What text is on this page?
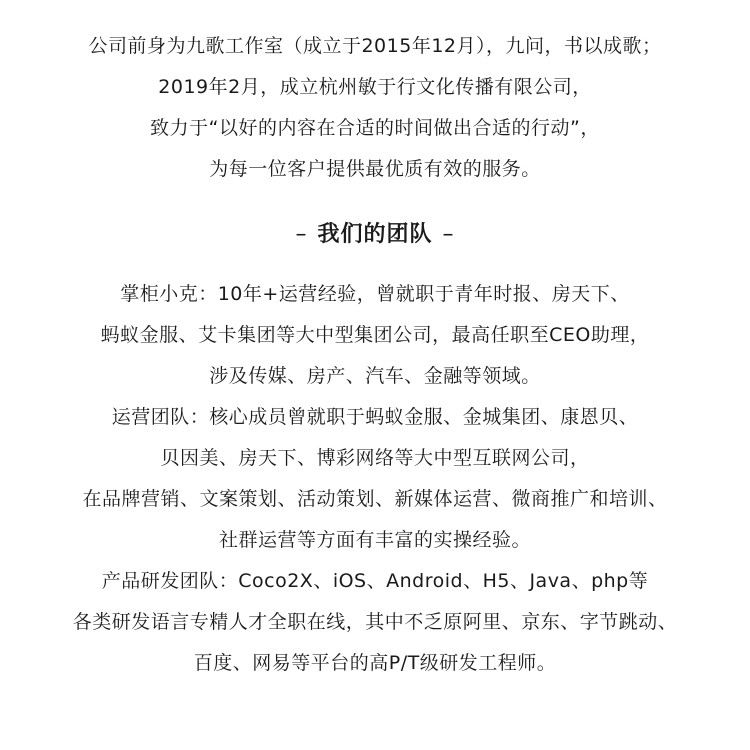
公司前身为九歌工作室（成立于2015年12月），九问，书以成歌；
2019年2月，成立杭州敏于行文化传播有限公司，
致力于“以好的内容在合适的时间做出合适的行动”，
为每一位客户提供最优质有效的服务。
– 我们的团队 –
掌柜小克：10年+运营经验，曾就职于青年时报、房天下、
蚂蚁金服、艾卡集团等大中型集团公司，最高任职至CEO助理，
涉及传媒、房产、汽车、金融等领域。
运营团队：核心成员曾就职于蚂蚁金服、金城集团、康恩贝、
贝因美、房天下、博彩网络等大中型互联网公司，
在品牌营销、文案策划、活动策划、新媒体运营、微商推广和培训、
社群运营等方面有丰富的实操经验。
产品研发团队：Coco2X、iOS、Android、H5、Java、php等
各类研发语言专精人才全职在线，其中不乏原阿里、京东、字节跳动、
百度、网易等平台的高P/T级研发工程师。
